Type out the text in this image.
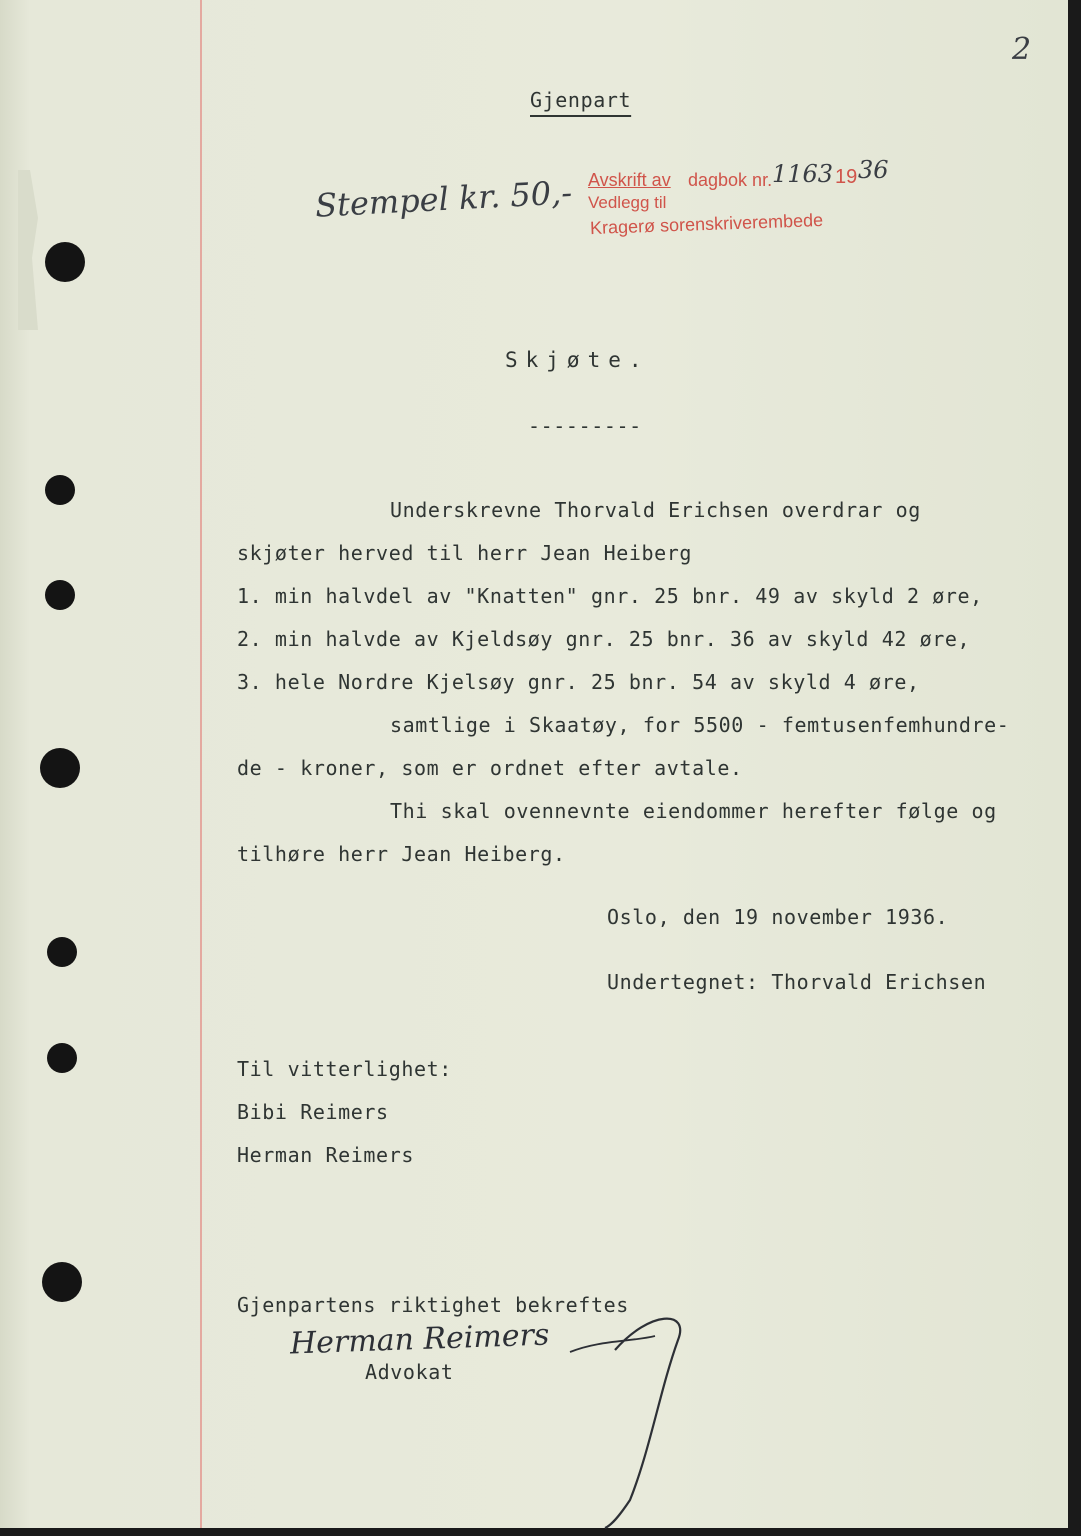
2

Gjenpart

Stempel kr. 50,- Avskrift av dagbok nr. 1163 19 36

Vedlegg til

Kragerø sorenskriverembede

Skjøte.

---------

Underskrevne Thorvald Erichsen overdrar og

skjøter herved til herr Jean Heiberg

1. min halvdel av "Knatten" gnr. 25 bnr. 49 av skyld 2 øre,

2. min halvde av Kjeldsøy gnr. 25 bnr. 36 av skyld 42 øre,

3. hele Nordre Kjelsøy gnr. 25 bnr. 54 av skyld 4 øre,

samtlige i Skaatøy, for 5500 - femtusenfemhundre-

de - kroner, som er ordnet efter avtale.

Thi skal ovennevnte eiendommer herefter følge og

tilhøre herr Jean Heiberg.

Oslo, den 19 november 1936.

Undertegnet: Thorvald Erichsen

Til vitterlighet:

Bibi Reimers

Herman Reimers

Gjenpartens riktighet bekreftes

Herman Reimers

Advokat
